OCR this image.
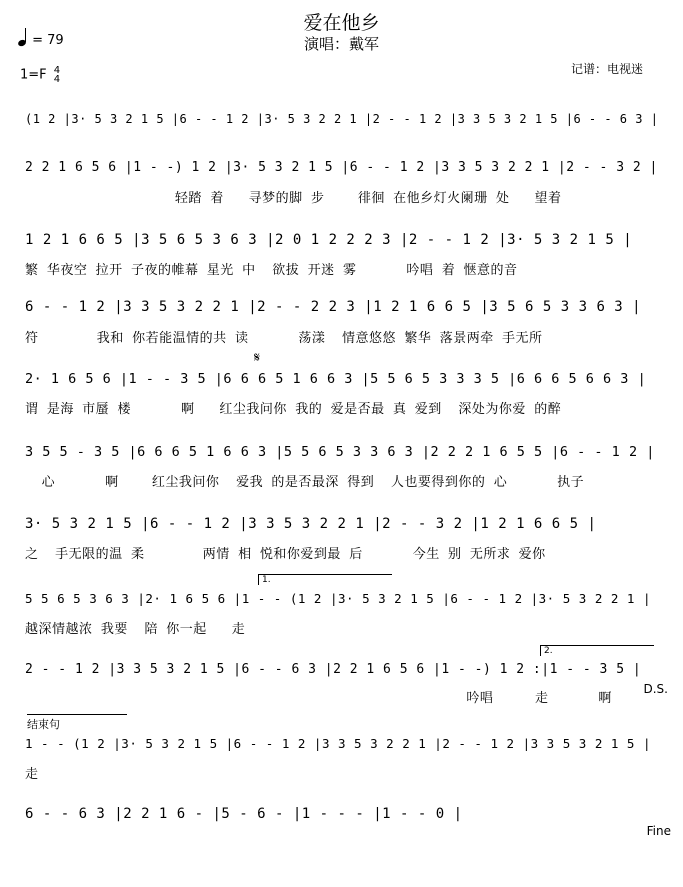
爱在他乡
演唱：戴军
= 79
1=F 4
4
记谱：电视迷
(1 2 |3· 5 3 2 1 5 |6 - - 1 2 |3· 5 3 2 2 1 |2 - - 1 2 |3 3 5 3 2 1 5 |6 - - 6 3 |
2 2 1 6 5 6 |1 - -) 1 2 |3· 5 3 2 1 5 |6 - - 1 2 |3 3 5 3 2 2 1 |2 - - 3 2 |
轻踏 着   寻梦的脚 步    徘徊 在他乡灯火阑珊 处   望着
1 2 1 6 6 5 |3 5 6 5 3 6 3 |2 0 1 2 2 2 3 |2 - - 1 2 |3· 5 3 2 1 5 |
繁 华夜空 拉开 子夜的帷幕 星光 中  欲拔 开迷 雾      吟唱 着 惬意的音
6 - - 1 2 |3 3 5 3 2 2 1 |2 - - 2 2 3 |1 2 1 6 6 5 |3 5 6 5 3 3 6 3 |
符       我和 你若能温情的共 读      荡漾  情意悠悠 繁华 落景两牵 手无所
𝄋
2· 1 6 5 6 |1 - - 3 5 |6 6 6 5 1 6 6 3 |5 5 6 5 3 3 3 5 |6 6 6 5 6 6 3 |
谓 是海 市蜃 楼      啊   红尘我问你 我的 爱是否最 真 爱到  深处为你爱 的醉
3 5 5 - 3 5 |6 6 6 5 1 6 6 3 |5 5 6 5 3 3 6 3 |2 2 2 1 6 5 5 |6 - - 1 2 |
心      啊    红尘我问你  爱我 的是否最深 得到  人也要得到你的 心      执子
3· 5 3 2 1 5 |6 - - 1 2 |3 3 5 3 2 2 1 |2 - - 3 2 |1 2 1 6 6 5 |
之  手无限的温 柔       两情 相 悦和你爱到最 后      今生 别 无所求 爱你
1.
5 5 6 5 3 6 3 |2· 1 6 5 6 |1 - - (1 2 |3· 5 3 2 1 5 |6 - - 1 2 |3· 5 3 2 2 1 |
越深情越浓 我要  陪 你一起   走
2.
2 - - 1 2 |3 3 5 3 2 1 5 |6 - - 6 3 |2 2 1 6 5 6 |1 - -) 1 2 :|1 - - 3 5 |
吟唱     走      啊
D.S.
结束句
1 - - (1 2 |3· 5 3 2 1 5 |6 - - 1 2 |3 3 5 3 2 2 1 |2 - - 1 2 |3 3 5 3 2 1 5 |
走
6 - - 6 3 |2 2 1 6 - |5 - 6 - |1 - - - |1 - - 0 |
Fine
